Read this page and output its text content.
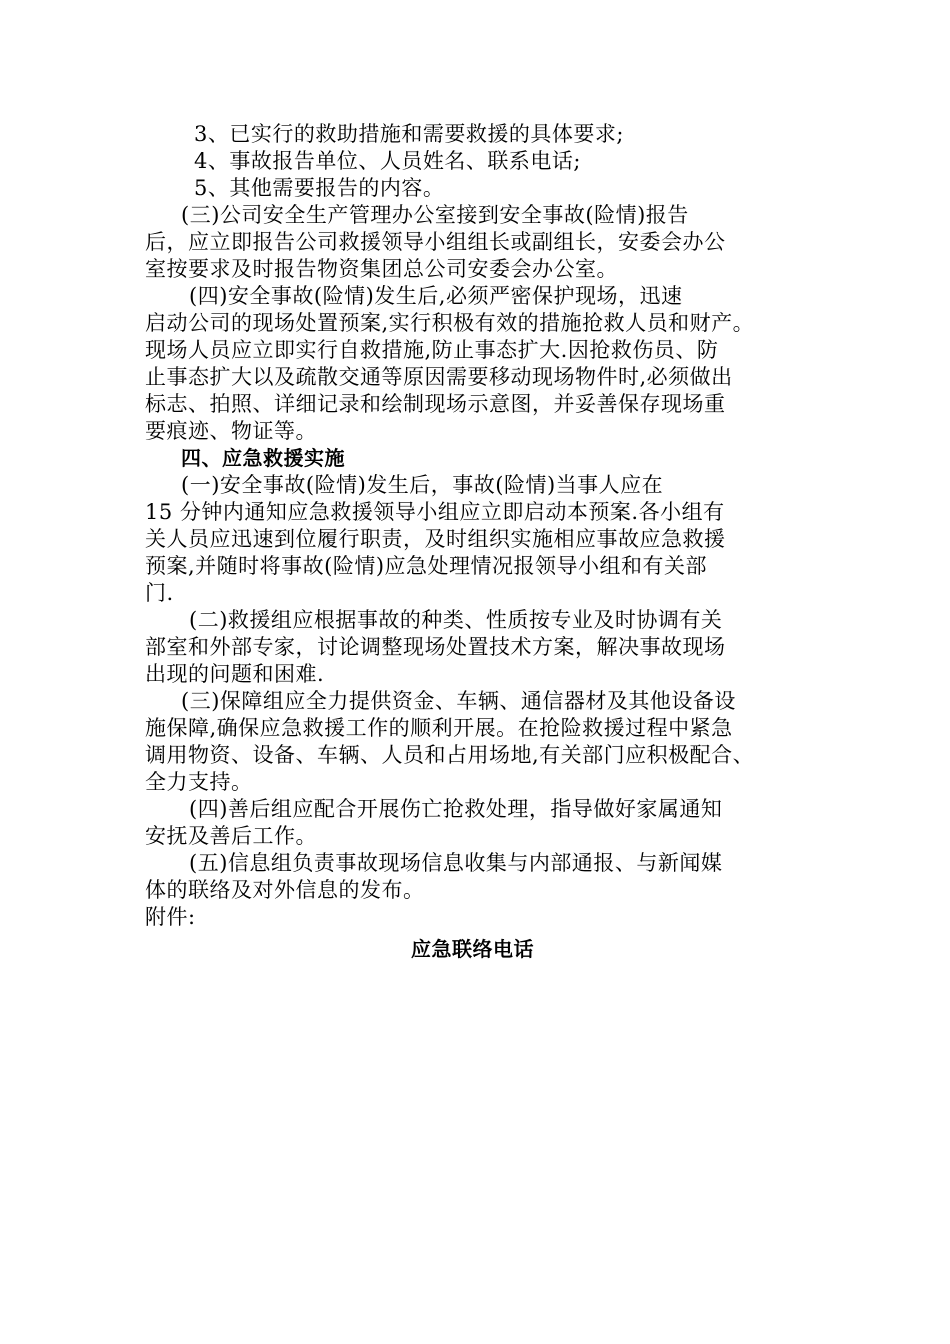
3、已实行的救助措施和需要救援的具体要求;
4、事故报告单位、人员姓名、联系电话;
5、其他需要报告的内容。
(三)公司安全生产管理办公室接到安全事故(险情)报告
后，应立即报告公司救援领导小组组长或副组长，安委会办公
室按要求及时报告物资集团总公司安委会办公室。
(四)安全事故(险情)发生后,必须严密保护现场，迅速
启动公司的现场处置预案,实行积极有效的措施抢救人员和财产。
现场人员应立即实行自救措施,防止事态扩大.因抢救伤员、防
止事态扩大以及疏散交通等原因需要移动现场物件时,必须做出
标志、拍照、详细记录和绘制现场示意图，并妥善保存现场重
要痕迹、物证等。
四、应急救援实施
(一)安全事故(险情)发生后，事故(险情)当事人应在
15 分钟内通知应急救援领导小组应立即启动本预案.各小组有
关人员应迅速到位履行职责，及时组织实施相应事故应急救援
预案,并随时将事故(险情)应急处理情况报领导小组和有关部
门.
(二)救援组应根据事故的种类、性质按专业及时协调有关
部室和外部专家，讨论调整现场处置技术方案，解决事故现场
出现的问题和困难.
(三)保障组应全力提供资金、车辆、通信器材及其他设备设
施保障,确保应急救援工作的顺利开展。在抢险救援过程中紧急
调用物资、设备、车辆、人员和占用场地,有关部门应积极配合、
全力支持。
(四)善后组应配合开展伤亡抢救处理，指导做好家属通知
安抚及善后工作。
(五)信息组负责事故现场信息收集与内部通报、与新闻媒
体的联络及对外信息的发布。
附件:
应急联络电话
